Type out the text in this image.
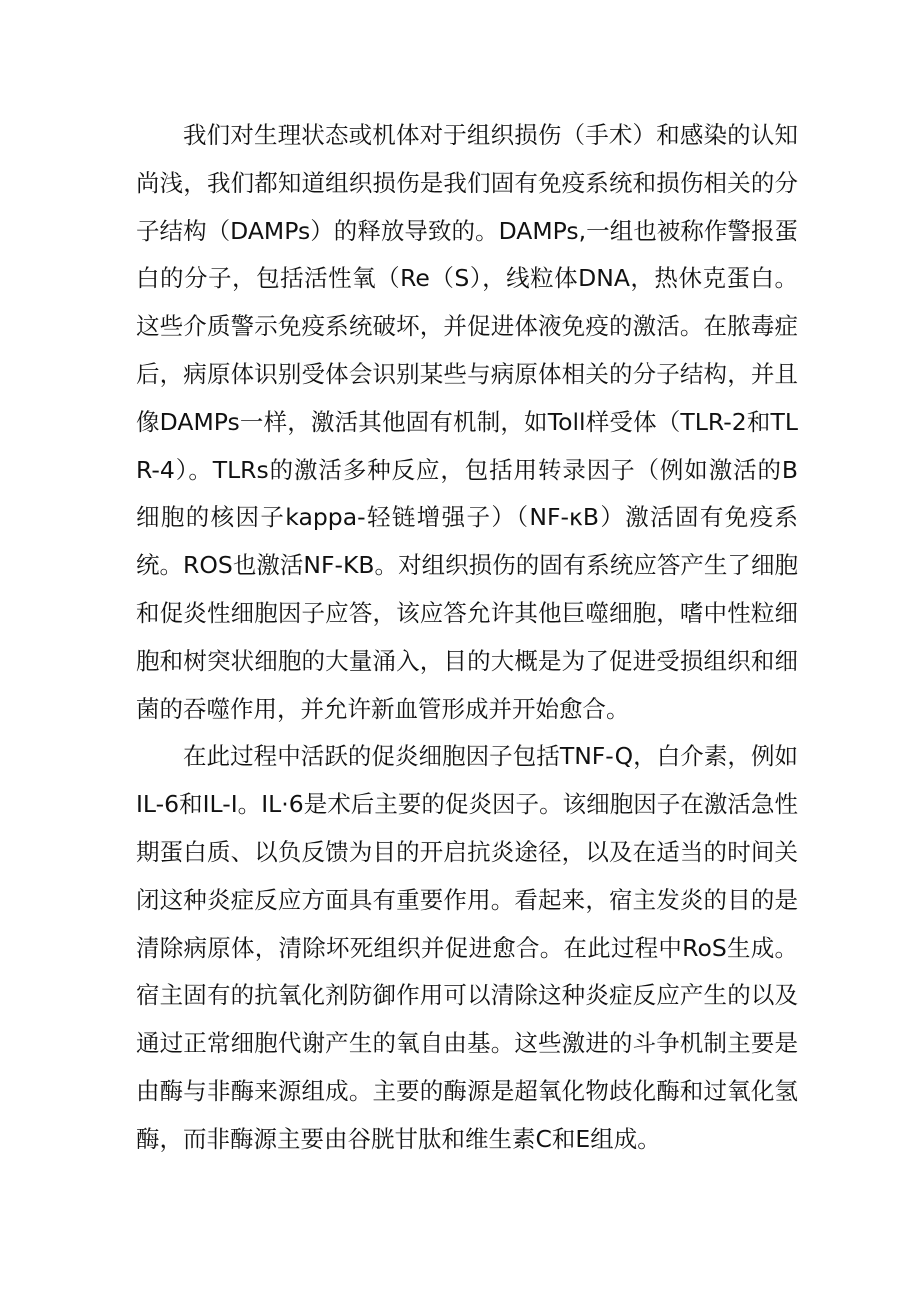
我们对生理状态或机体对于组织损伤（手术）和感染的认知尚浅，我们都知道组织损伤是我们固有免疫系统和损伤相关的分子结构（DAMPs）的释放导致的。DAMPs,一组也被称作警报蛋白的分子，包括活性氧（Re（S），线粒体DNA，热休克蛋白。这些介质警示免疫系统破坏，并促进体液免疫的激活。在脓毒症后，病原体识别受体会识别某些与病原体相关的分子结构，并且像DAMPs一样，激活其他固有机制，如Toll样受体（TLR-2和TLR-4）。TLRs的激活多种反应，包括用转录因子（例如激活的B细胞的核因子kappa-轻链增强子）（NF-κB）激活固有免疫系统。ROS也激活NF-KB。对组织损伤的固有系统应答产生了细胞和促炎性细胞因子应答，该应答允许其他巨噬细胞，嗜中性粒细胞和树突状细胞的大量涌入，目的大概是为了促进受损组织和细菌的吞噬作用，并允许新血管形成并开始愈合。

在此过程中活跃的促炎细胞因子包括TNF-Q，白介素，例如IL-6和IL-I。IL·6是术后主要的促炎因子。该细胞因子在激活急性期蛋白质、以负反馈为目的开启抗炎途径，以及在适当的时间关闭这种炎症反应方面具有重要作用。看起来，宿主发炎的目的是清除病原体，清除坏死组织并促进愈合。在此过程中RoS生成。宿主固有的抗氧化剂防御作用可以清除这种炎症反应产生的以及通过正常细胞代谢产生的氧自由基。这些激进的斗争机制主要是由酶与非酶来源组成。主要的酶源是超氧化物歧化酶和过氧化氢酶，而非酶源主要由谷胱甘肽和维生素C和E组成。
